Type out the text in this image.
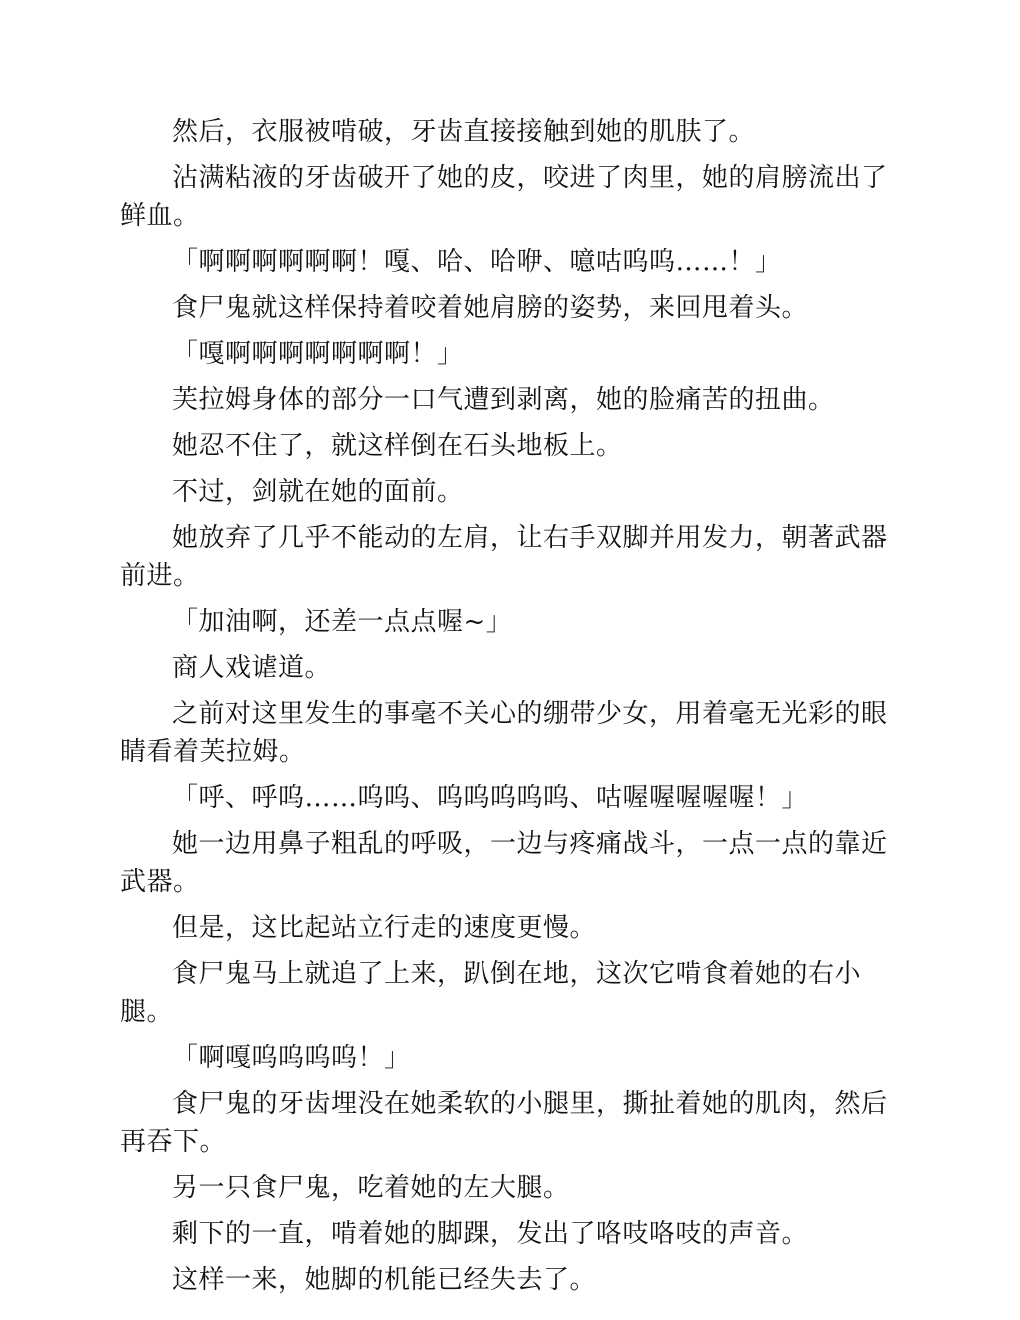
然后，衣服被啃破，牙齿直接接触到她的肌肤了。

沾满粘液的牙齿破开了她的皮，咬进了肉里，她的肩膀流出了鲜血。

「啊啊啊啊啊啊！嘎、哈、哈咿、噫咕呜呜……！」

食尸鬼就这样保持着咬着她肩膀的姿势，来回甩着头。

「嘎啊啊啊啊啊啊啊！」

芙拉姆身体的部分一口气遭到剥离，她的脸痛苦的扭曲。

她忍不住了，就这样倒在石头地板上。

不过，剑就在她的面前。

她放弃了几乎不能动的左肩，让右手双脚并用发力，朝著武器前进。

「加油啊，还差一点点喔~」

商人戏谑道。

之前对这里发生的事毫不关心的绷带少女，用着毫无光彩的眼睛看着芙拉姆。

「呼、呼呜……呜呜、呜呜呜呜呜、咕喔喔喔喔喔！」

她一边用鼻子粗乱的呼吸，一边与疼痛战斗，一点一点的靠近武器。

但是，这比起站立行走的速度更慢。

食尸鬼马上就追了上来，趴倒在地，这次它啃食着她的右小腿。

「啊嘎呜呜呜呜！」

食尸鬼的牙齿埋没在她柔软的小腿里，撕扯着她的肌肉，然后再吞下。

另一只食尸鬼，吃着她的左大腿。

剩下的一直，啃着她的脚踝，发出了咯吱咯吱的声音。

这样一来，她脚的机能已经失去了。
